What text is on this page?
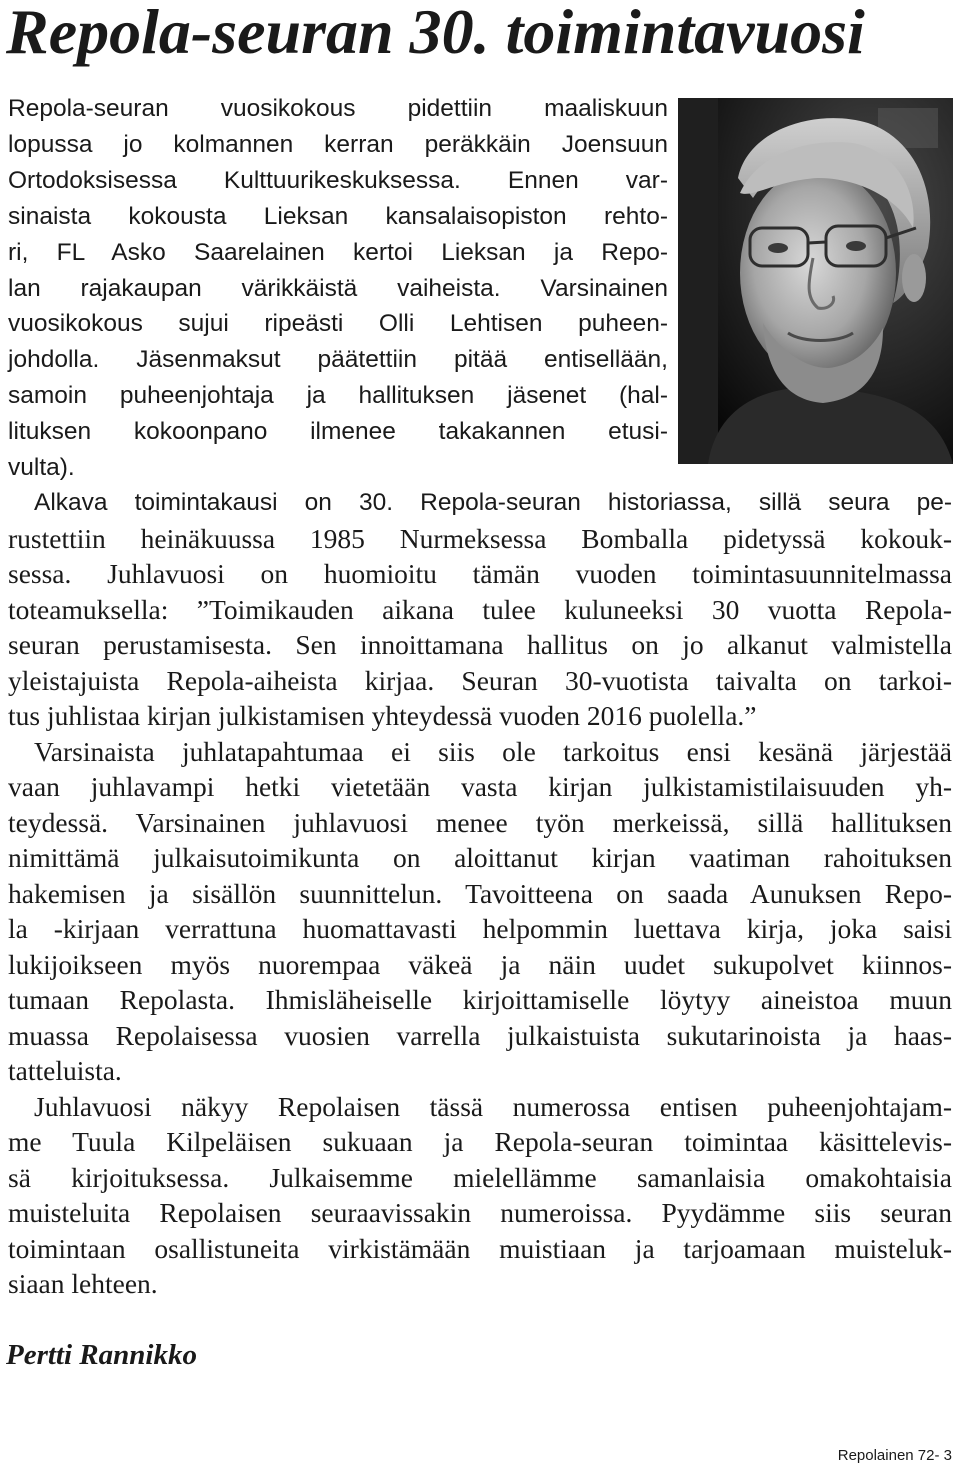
Repola-seuran 30. toimintavuosi

Repola-seuran vuosikokous pidettiin maaliskuun

lopussa jo kolmannen kerran peräkkäin Joensuun

Ortodoksisessa Kulttuurikeskuksessa. Ennen var-

sinaista kokousta Lieksan kansalaisopiston rehto-

ri, FL Asko Saarelainen kertoi Lieksan ja Repo-

lan rajakaupan värikkäistä vaiheista. Varsinainen

vuosikokous sujui ripeästi Olli Lehtisen puheen-

johdolla. Jäsenmaksut päätettiin pitää entisellään,

samoin puheenjohtaja ja hallituksen jäsenet (hal-

lituksen kokoonpano ilmenee takakannen etusi-

vulta).

Alkava toimintakausi on 30. Repola-seuran historiassa, sillä seura pe-

rustettiin heinäkuussa 1985 Nurmeksessa Bomballa pidetyssä kokouk-

sessa. Juhlavuosi on huomioitu tämän vuoden toimintasuunnitelmassa

toteamuksella: ”Toimikauden aikana tulee kuluneeksi 30 vuotta Repola-

seuran perustamisesta. Sen innoittamana hallitus on jo alkanut valmistella

yleistajuista Repola-aiheista kirjaa. Seuran 30-vuotista taivalta on tarkoi-

tus juhlistaa kirjan julkistamisen yhteydessä vuoden 2016 puolella.”

Varsinaista juhlatapahtumaa ei siis ole tarkoitus ensi kesänä järjestää

vaan juhlavampi hetki vietetään vasta kirjan julkistamistilaisuuden yh-

teydessä. Varsinainen juhlavuosi menee työn merkeissä, sillä hallituksen

nimittämä julkaisutoimikunta on aloittanut kirjan vaatiman rahoituksen

hakemisen ja sisällön suunnittelun. Tavoitteena on saada Aunuksen Repo-

la -kirjaan verrattuna huomattavasti helpommin luettava kirja, joka saisi

lukijoikseen myös nuorempaa väkeä ja näin uudet sukupolvet kiinnos-

tumaan Repolasta. Ihmisläheiselle kirjoittamiselle löytyy aineistoa muun

muassa Repolaisessa vuosien varrella julkaistuista sukutarinoista ja haas-

tatteluista.

Juhlavuosi näkyy Repolaisen tässä numerossa entisen puheenjohtajam-

me Tuula Kilpeläisen sukuaan ja Repola-seuran toimintaa käsittelevis-

sä kirjoituksessa. Julkaisemme mielellämme samanlaisia omakohtaisia

muisteluita Repolaisen seuraavissakin numeroissa. Pyydämme siis seuran

toimintaan osallistuneita virkistämään muistiaan ja tarjoamaan muisteluk-

siaan lehteen.

Pertti Rannikko

Repolainen 72- 3
